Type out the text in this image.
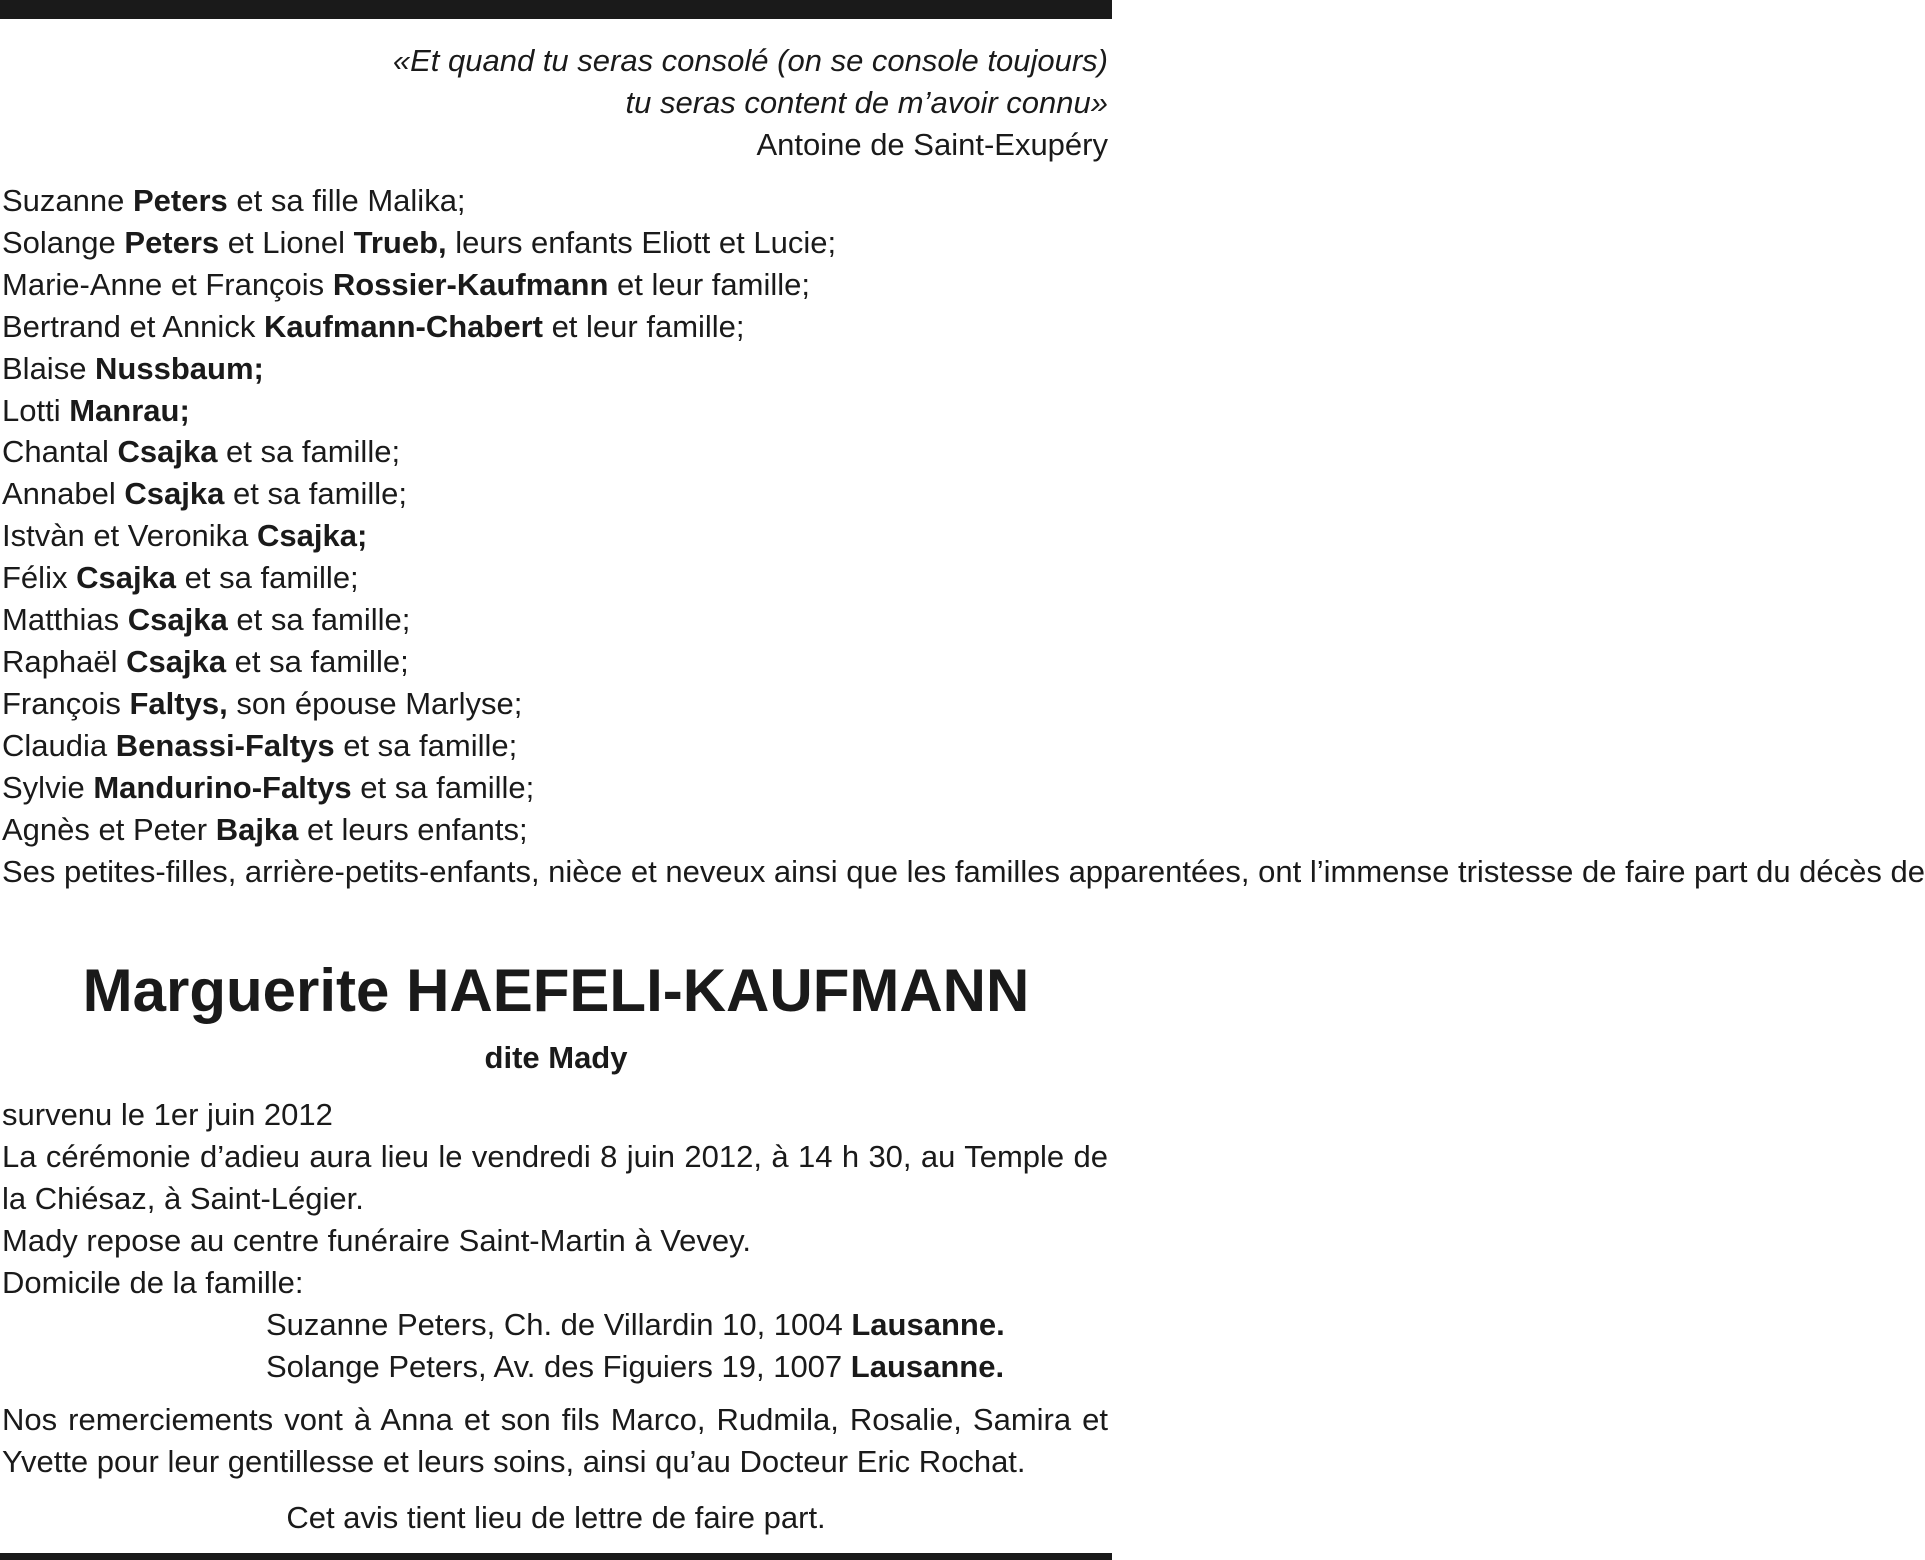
«Et quand tu seras consolé (on se console toujours)
tu seras content de m’avoir connu»
Antoine de Saint-Exupéry
Suzanne Peters et sa fille Malika;
Solange Peters et Lionel Trueb, leurs enfants Eliott et Lucie;
Marie-Anne et François Rossier-Kaufmann et leur famille;
Bertrand et Annick Kaufmann-Chabert et leur famille;
Blaise Nussbaum;
Lotti Manrau;
Chantal Csajka et sa famille;
Annabel Csajka et sa famille;
Istvàn et Veronika Csajka;
Félix Csajka et sa famille;
Matthias Csajka et sa famille;
Raphaël Csajka et sa famille;
François Faltys, son épouse Marlyse;
Claudia Benassi-Faltys et sa famille;
Sylvie Mandurino-Faltys et sa famille;
Agnès et Peter Bajka et leurs enfants;
Ses petites-filles, arrière-petits-enfants, nièce et neveux ainsi que les familles apparentées, ont l’immense tristesse de faire part du décès de
Marguerite HAEFELI-KAUFMANN
dite Mady
survenu le 1er juin 2012
La cérémonie d’adieu aura lieu le vendredi 8 juin 2012, à 14 h 30, au Temple de la Chiésaz, à Saint-Légier.
Mady repose au centre funéraire Saint-Martin à Vevey.
Domicile de la famille:
Suzanne Peters, Ch. de Villardin 10, 1004 Lausanne.
Solange Peters, Av. des Figuiers 19, 1007 Lausanne.
Nos remerciements vont à Anna et son fils Marco, Rudmila, Rosalie, Samira et Yvette pour leur gentillesse et leurs soins, ainsi qu’au Docteur Eric Rochat.
Cet avis tient lieu de lettre de faire part.
